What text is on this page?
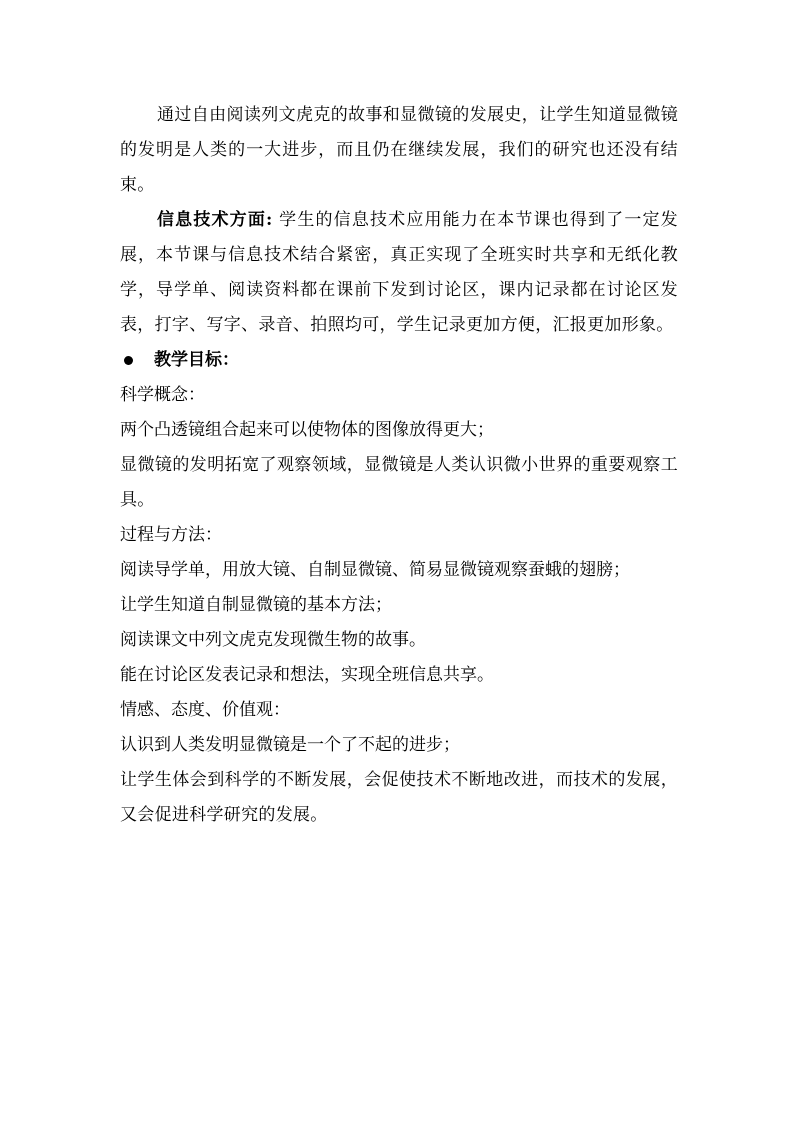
通过自由阅读列文虎克的故事和显微镜的发展史，让学生知道显微镜的发明是人类的一大进步，而且仍在继续发展，我们的研究也还没有结束。

信息技术方面: 学生的信息技术应用能力在本节课也得到了一定发展，本节课与信息技术结合紧密，真正实现了全班实时共享和无纸化教学，导学单、阅读资料都在课前下发到讨论区，课内记录都在讨论区发表，打字、写字、录音、拍照均可，学生记录更加方便，汇报更加形象。

教学目标：

科学概念：

两个凸透镜组合起来可以使物体的图像放得更大；

显微镜的发明拓宽了观察领域，显微镜是人类认识微小世界的重要观察工具。

过程与方法：

阅读导学单，用放大镜、自制显微镜、简易显微镜观察蚕蛾的翅膀；

让学生知道自制显微镜的基本方法；

阅读课文中列文虎克发现微生物的故事。

能在讨论区发表记录和想法，实现全班信息共享。

情感、态度、价值观：

认识到人类发明显微镜是一个了不起的进步；

让学生体会到科学的不断发展，会促使技术不断地改进，而技术的发展，又会促进科学研究的发展。
